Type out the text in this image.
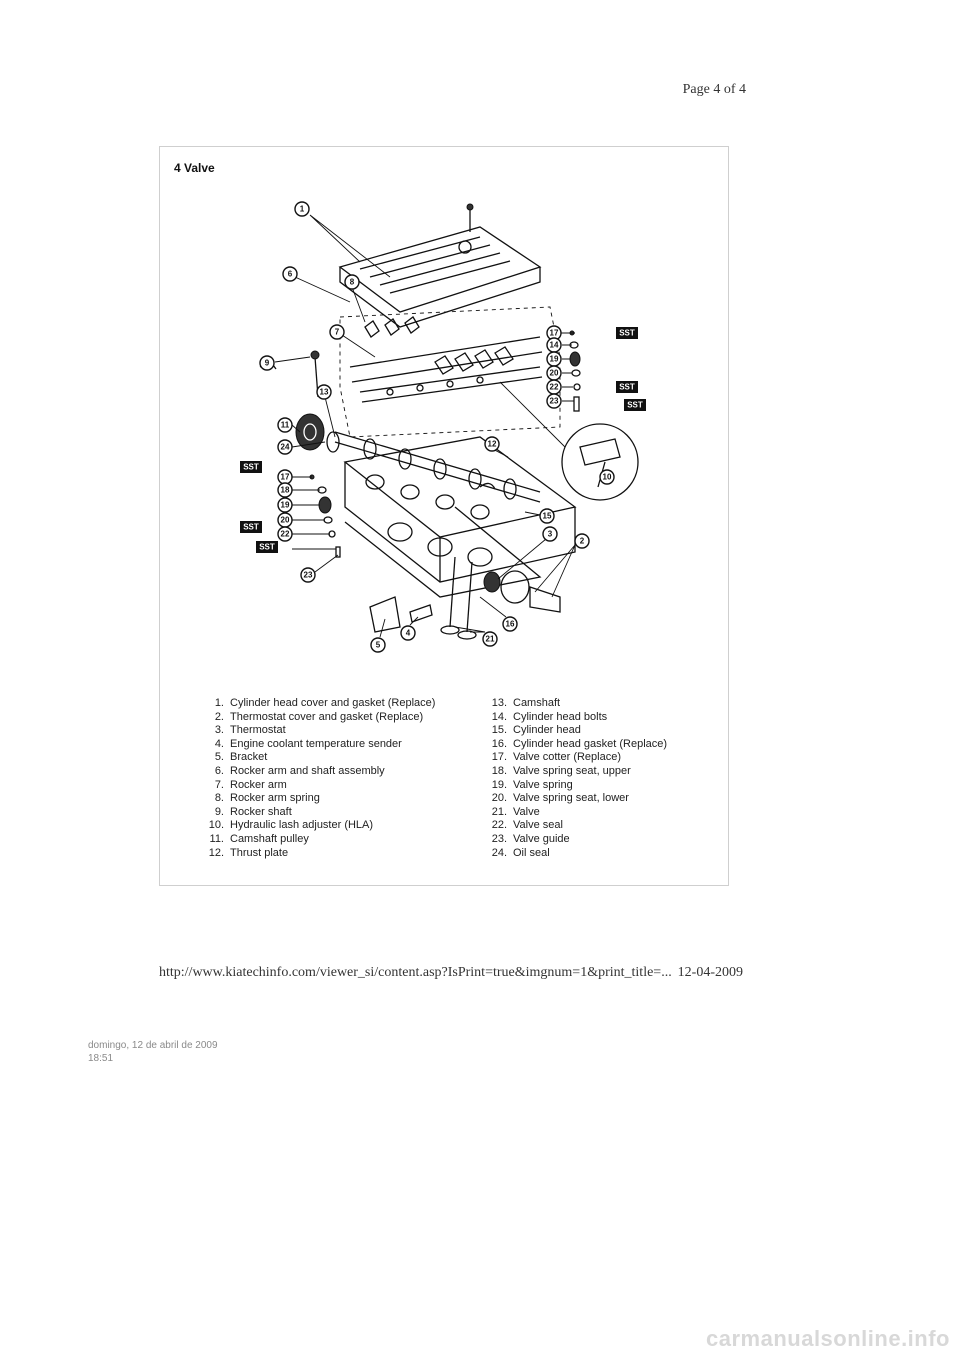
Page 4 of 4
4 Valve
1
6
8
7
9
13
11
24
17
18
19
20
22
23
5
4
21
16
3
2
15
12
10
17
14
19
20
22
23
SST
SST
SST
SST
SST
SST
1. Cylinder head cover and gasket (Replace)
2. Thermostat cover and gasket (Replace)
3. Thermostat
4. Engine coolant temperature sender
5. Bracket
6. Rocker arm and shaft assembly
7. Rocker arm
8. Rocker arm spring
9. Rocker shaft
10. Hydraulic lash adjuster (HLA)
11. Camshaft pulley
12. Thrust plate
13. Camshaft
14. Cylinder head bolts
15. Cylinder head
16. Cylinder head gasket (Replace)
17. Valve cotter (Replace)
18. Valve spring seat, upper
19. Valve spring
20. Valve spring seat, lower
21. Valve
22. Valve seal
23. Valve guide
24. Oil seal
http://www.kiatechinfo.com/viewer_si/content.asp?IsPrint=true&imgnum=1&print_title=... 12-04-2009
domingo, 12 de abril de 2009
18:51
carmanualsonline.info
